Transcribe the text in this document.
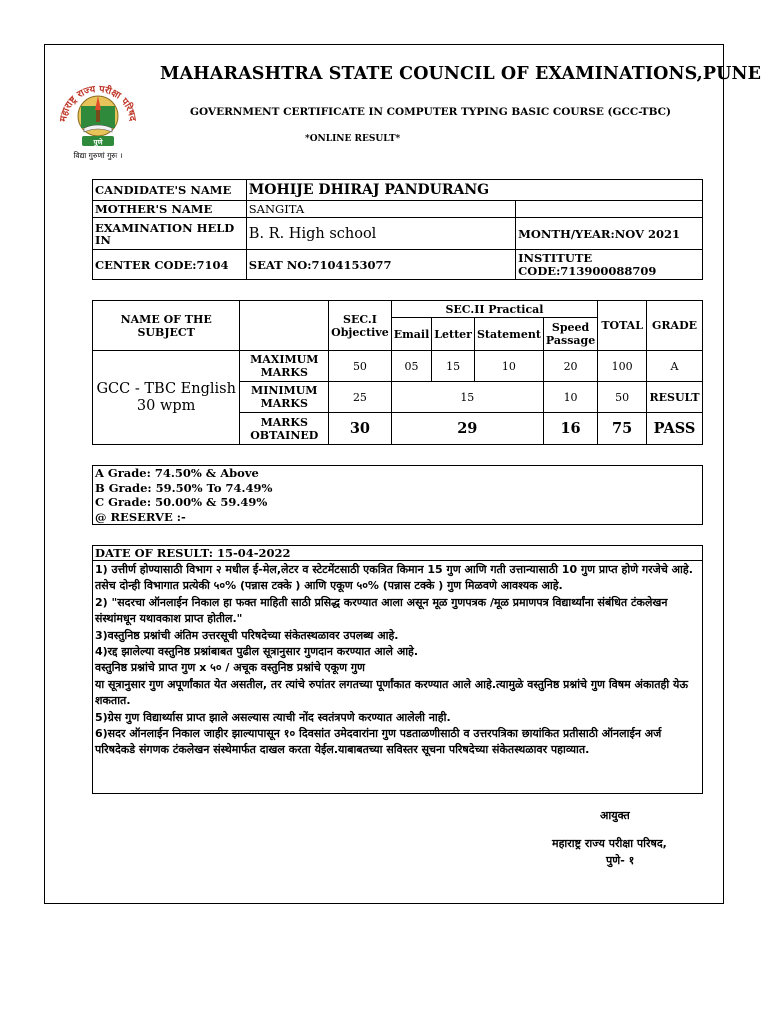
महाराष्ट्र राज्य परीक्षा परिषद
पुणे
विद्या गुरुणां गुरुः ।
MAHARASHTRA STATE COUNCIL OF EXAMINATIONS,PUNE
GOVERNMENT CERTIFICATE IN COMPUTER TYPING BASIC COURSE (GCC-TBC)
*ONLINE RESULT*
CANDIDATE'S NAME	MOHIJE DHIRAJ PANDURANG	
MOTHER'S NAME	SANGITA	
EXAMINATION HELD IN	B. R. High school	MONTH/YEAR:NOV 2021
CENTER CODE:7104	SEAT NO:7104153077	INSTITUTE CODE:713900088709
NAME OF THE SUBJECT		SEC.I Objective	SEC.II Practical				TOTAL	GRADE
			Email	Letter	Statement	Speed Passage		
GCC - TBC English 30 wpm	MAXIMUM MARKS	50	05	15	10	20	100	A
	MINIMUM MARKS	25	15			10	50	RESULT
	MARKS OBTAINED	30	29			16	75	PASS
A Grade: 74.50% & Above
B Grade: 59.50% To 74.49%
C Grade: 50.00% & 59.49%
@ RESERVE :-
DATE OF RESULT: 15-04-2022
1) उत्तीर्ण होण्यासाठी विभाग २ मधील ई-मेल,लेटर व स्टेटमेंटसाठी एकत्रित किमान 15 गुण आणि गती उत्तान्यासाठी 10 गुण प्राप्त होणे गरजेचे आहे. तसेच दोन्ही विभागात प्रत्येकी ५०% (पन्नास टक्के ) आणि एकूण ५०% (पन्नास टक्के ) गुण मिळवणे आवश्यक आहे.
2) "सदरचा ऑनलाईन निकाल हा फक्त माहिती साठी प्रसिद्ध करण्यात आला असून मूळ गुणपत्रक /मूळ प्रमाणपत्र विद्यार्थ्यांना संबंधित टंकलेखन संस्थांमधून यथावकाश प्राप्त होतील."
3)वस्तुनिष्ठ प्रश्नांची अंतिम उत्तरसूची परिषदेच्या संकेतस्थळावर उपलब्ध आहे.
4)रद्द झालेल्या वस्तुनिष्ठ प्रश्नांबाबत पुढील सूत्रानुसार गुणदान करण्यात आले आहे.
वस्तुनिष्ठ प्रश्नांचे प्राप्त गुण x ५० / अचूक वस्तुनिष्ठ प्रश्नांचे एकूण गुण
या सूत्रानुसार गुण अपूर्णांकात येत असतील, तर त्यांचे रुपांतर लगतच्या पूर्णांकात करण्यात आले आहे.त्यामुळे वस्तुनिष्ठ प्रश्नांचे गुण विषम अंकातही येऊ शकतात.
5)ग्रेस गुण विद्यार्थ्यास प्राप्त झाले असल्यास त्याची नोंद स्वतंत्रपणे करण्यात आलेली नाही.
6)सदर ऑनलाईन निकाल जाहीर झाल्यापासून १० दिवसांत उमेदवारांना गुण पडताळणीसाठी व उत्तरपत्रिका छायांकित प्रतीसाठी ऑनलाईन अर्ज परिषदेकडे संगणक टंकलेखन संस्थेमार्फत दाखल करता येईल.याबाबतच्या सविस्तर सूचना परिषदेच्या संकेतस्थळावर पहाव्यात.
आयुक्त
महाराष्ट्र राज्य परीक्षा परिषद,
पुणे- १
